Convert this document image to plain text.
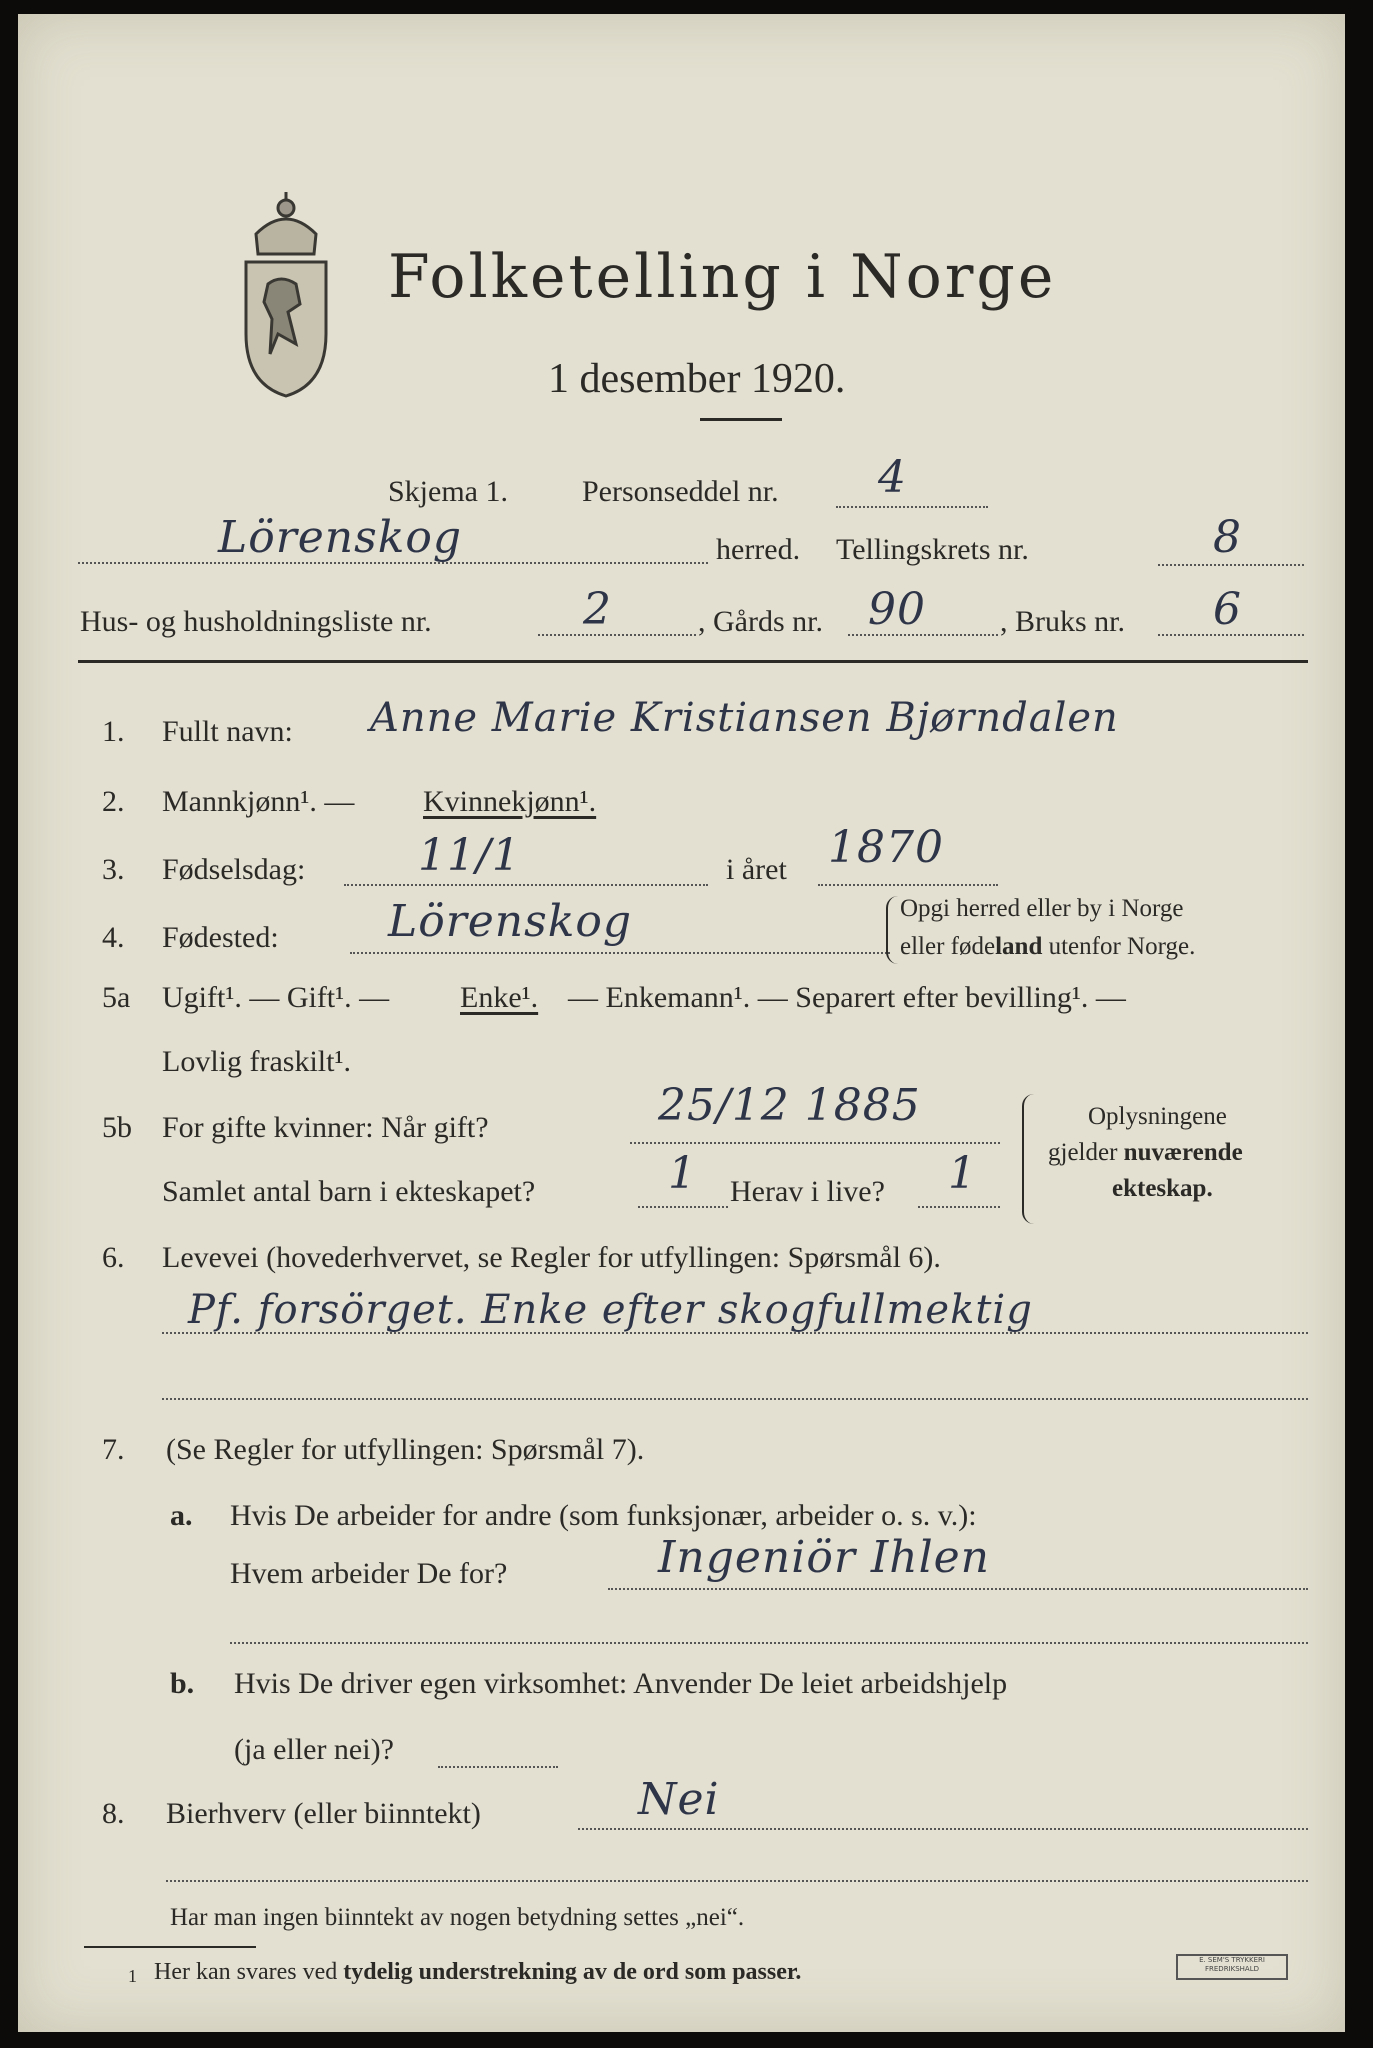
Folketelling i Norge
1 desember 1920.
Skjema 1. Personseddel nr. 4
Lörenskog	herred. Tellingskrets nr.	8
Hus- og husholdningsliste nr.	2	, Gårds nr. 90 , Bruks nr. 6
1. Fullt navn: Anne Marie Kristiansen Bjørndalen
2. Mannkjønn¹. — Kvinnekjønn¹.
3. Fødselsdag:	11/1	i året 1870
4. Fødested: Lörenskog	Opgi herred eller by i Norge
eller fødeland utenfor Norge.
5a Ugift¹. — Gift¹. — Enke¹. — Enkemann¹. — Separert efter bevilling¹. —
Lovlig fraskilt¹.
5b For gifte kvinner: Når gift?	25/12 1885
Samlet antal barn i ekteskapet?	1 Herav i live? 1
Oplysningene
gjelder nuværende
ekteskap.
6. Levevei (hovederhvervet, se Regler for utfyllingen: Spørsmål 6).
Pf. forsörget. Enke efter skogfullmektig
7. (Se Regler for utfyllingen: Spørsmål 7).
a. Hvis De arbeider for andre (som funksjonær, arbeider o. s. v.):
Hvem arbeider De for?	Ingeniör Ihlen
b. Hvis De driver egen virksomhet: Anvender De leiet arbeidshjelp
(ja eller nei)?
8. Bierhverv (eller biinntekt)	Nei
Har man ingen biinntekt av nogen betydning settes „nei“.
1 Her kan svares ved tydelig understrekning av de ord som passer.	E. SEM'S TRYKKERI FREDRIKSHALD
